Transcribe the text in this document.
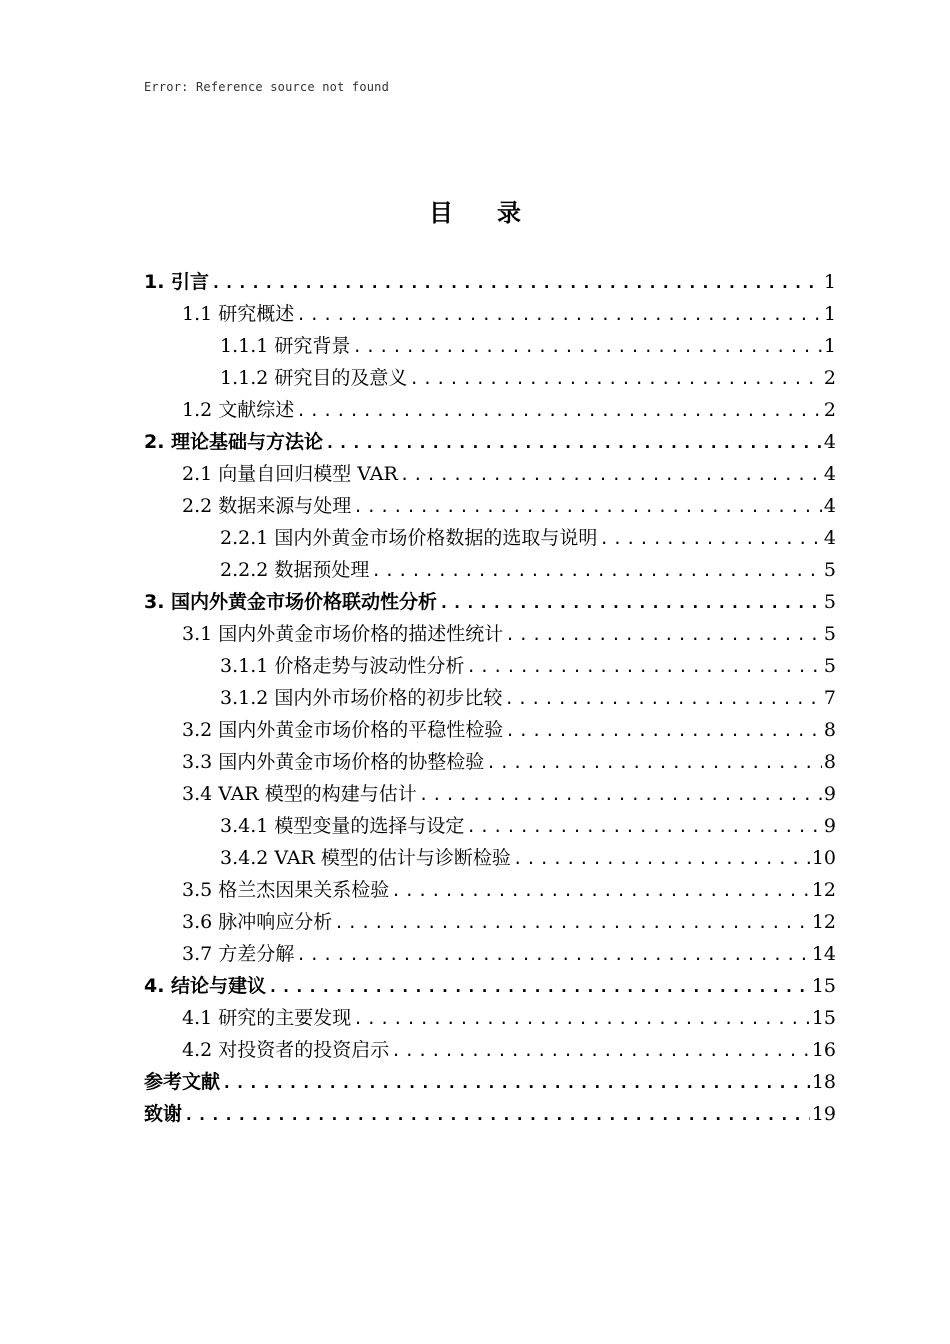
Error: Reference source not found
目 录
1. 引言 .....	1
1.1 研究概述 .....	1
1.1.1 研究背景 .....	1
1.1.2 研究目的及意义 .....	2
1.2 文献综述 .....	2
2. 理论基础与方法论 .....	4
2.1 向量自回归模型 VAR .....	4
2.2 数据来源与处理 .....	4
2.2.1 国内外黄金市场价格数据的选取与说明 .....	4
2.2.2 数据预处理 .....	5
3. 国内外黄金市场价格联动性分析 .....	5
3.1 国内外黄金市场价格的描述性统计 .....	5
3.1.1 价格走势与波动性分析 .....	5
3.1.2 国内外市场价格的初步比较 .....	7
3.2 国内外黄金市场价格的平稳性检验 .....	8
3.3 国内外黄金市场价格的协整检验 .....	8
3.4 VAR 模型的构建与估计 .....	9
3.4.1 模型变量的选择与设定 .....	9
3.4.2 VAR 模型的估计与诊断检验 .....	10
3.5 格兰杰因果关系检验 .....	12
3.6 脉冲响应分析 .....	12
3.7 方差分解 .....	14
4. 结论与建议 .....	15
4.1 研究的主要发现 .....	15
4.2 对投资者的投资启示 .....	16
参考文献 .....	18
致谢 .....	19
